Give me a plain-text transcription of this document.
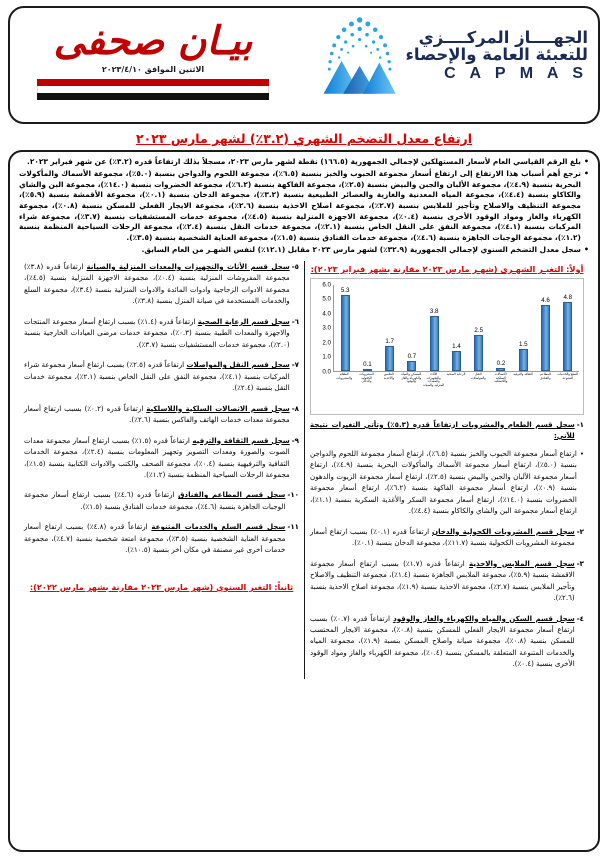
الجهــــاز المركــــزي
للتعبئة العامة والإحصاء
C A P M A S
بيـان صحفى
الاثنين الموافق ٢٠٢٣/٤/١٠
ارتفاع معدل التضخم الشهري (٣.٢٪) لشهر مارس ٢٠٢٣
•

بلغ الرقم القياسي العام لأسعار المستهلكين لإجمالي الجمهورية (١٦٦.٥) نقطة لشهر مارس ٢٠٢٣، مسجلاً بذلك ارتفاعاً قدره (٣.٢٪) عن شهر فبراير ٢٠٢٣.

•

ترجع أهم أسباب هذا الارتفاع إلى ارتفاع أسعار مجموعة الحبوب والخبز بنسبة (٦.٥٪)، مجموعة اللحوم والدواجن بنسبة (٥.٠٪)، مجموعة الأسماك والمأكولات البحرية بنسبة (٤.٩٪)، مجموعة الألبان والجبن والبيض بنسبة (٢.٥٪)، مجموعة الفاكهة بنسبة (٦.٢٪)، مجموعة الخضروات بنسبة (١٤.٠٪)، مجموعة البن والشاي والكاكاو بنسبة (٤.٤٪)، مجموعة المياه المعدنية والغازية والعصائر الطبيعية بنسبة (٣.٢٪)، مجموعة الدخان بنسبة (٠.١٪)، مجموعة الأقمشة بنسبة (٥.٩٪)، مجموعة التنظيف والاصلاح وتأجير للملابس بنسبة (٢.٧٪)، مجموعة اصلاح الاحذية بنسبة (٢.٦٪)، مجموعة الايجار الفعلي للمسكن بنسبة (٠.٨٪)، مجموعة الكهرباء والغاز ومواد الوقود الأخرى بنسبة (٠.٤٪)، مجموعة الاجهزة المنزلية بنسبة (٤.٥٪)، مجموعة خدمات المستشفيات بنسبة (٣.٧٪)، مجموعة شراء المركبات بنسبة (٤.١٪)، مجموعة النفق على النقل الخاص بنسبة (٢.١٪)، مجموعة خدمات النقل بنسبة (٢.٤٪)، مجموعة الرحلات السياحية المنظمة بنسبة (١.٢٪)، مجموعة الوجبات الجاهزة بنسبة (٤.٦٪)، مجموعة خدمات الفنادق بنسبة (١.٥٪)، مجموعة العناية الشخصية بنسبة (٣.٥٪).

•

سجل معدل التضخم السنوي لإجمالي الجمهورية (٣٢.٩٪) لشهر مارس ٢٠٢٣ مقابل (١٢.١٪) لنفس الشهـر من العام السابق.

أولاً: التغيـر الشهـرى (شهـر مارس ٢٠٢٣ مقارنة بشهر فبراير ٢٠٢٣):
0.0
1.0
2.0
3.0
4.0
5.0
6.0
5.3
0.1
1.7
0.7
3.8
1.4
2.5
0.2
1.5
4.6 4.8
الطعام والمشروبات
المشروبات الكحولية والدخان
الملابس والأحذية
المسكن والمياه والكهرباء والغاز والوقود
الأثاث والتجهيزات والمعدات المنزلية والصيانة
الرعاية الصحية	النقل والمواصلات
الاتصالات السلكية واللاسلكية
الثقافة والترفيه	المطاعم والفنادق
السلع والخدمات المتنوعة
١-

سجل قسم الطعام والمشروبات ارتفاعاً قدره (٥.٣٪) وتأتي التغيرات نتيجة للآتي:

•

ارتفاع أسعار مجموعة الحبوب والخبز بنسبة (٦.٥٪)، ارتفاع أسعار مجموعة اللحوم والدواجن بنسبة (٥.٠٪)، ارتفاع أسعار مجموعة الأسماك والمأكولات البحرية بنسبة (٤.٩٪)، ارتفاع أسعار مجموعة الألبان والجبن والبيض بنسبة (٢.٥٪)، ارتفاع أسعار مجموعة الزيوت والدهون بنسبة (٠.٩٪)، ارتفاع أسعار مجموعة الفاكهة بنسبة (٦.٢٪)، ارتفاع أسعار مجموعة الخضروات بنسبة (١٤.٠٪)، ارتفاع أسعار مجموعة السكر والأغذية السكرية بنسبة (١.١٪)، ارتفاع أسعار مجموعة البن والشاي والكاكاو بنسبة (٤.٤٪).

٢-

سجل قسم المشروبات الكحولية والدخان ارتفاعاً قدره (٠.١٪) بسبب ارتفاع أسعار مجموعة المشروبات الكحولية بنسبة (١١.٧٪)، مجموعة الدخان بنسبة (٠.١٪).

٣-

سجل قسم الملابس والاحذية ارتفاعاً قدره (١.٧٪) بسبب ارتفاع أسعار مجموعة الاقمشة بنسبة (٥.٩٪)، مجموعة الملابس الجاهزة بنسبة (١.٤٪)، مجموعة التنظيف والاصلاح وتأجير الملابس بنسبة (٢.٧٪)، مجموعة الاحذية بنسبة (١.٩٪)، مجموعة اصلاح الاحذية بنسبة (٢.٦٪).

٤-

سجل قسم السكن والمياه والكهرباء والغاز والوقود ارتفاعاً قدره (٠.٧٪) بسبب ارتفاع أسعار مجموعة الايجار الفعلي للمسكن بنسبة (٠.٨٪)، مجموعة الايجار المحتسب للمسكن بنسبة (٠.٨٪)، مجموعة صيانة واصلاح المسكن بنسبة (١.٩٪)، مجموعة المياه والخدمات المتنوعة المتعلقة بالمسكن بنسبة (٠.٤٪)، مجموعة الكهرباء والغاز ومواد الوقود الأخرى بنسبة (٠.٤٪).

٥-

سجل قسم الأثاث والتجهيزات والمعدات المنزلية والصيانة ارتفاعاً قدره (٣.٨٪) مجموعة المفروشات المنزلية بنسبة (٠.٤٪)، مجموعة الاجهزة المنزلية بنسبة (٤.٥٪)، مجموعة الادوات الزجاجية وادوات المائدة والادوات المنزلية بنسبة (٣.٤٪)، مجموعة السلع والخدمات المستخدمة في صيانة المنزل بنسبة (٣.٨٪).

٦-

سجل قسم الرعاية الصحية ارتفاعاً قدره (١.٤٪) بسبب ارتفاع أسعار مجموعة المنتجات والاجهزة والمعدات الطبية بنسبة (٠.٣٪)، مجموعة خدمات مرضى العيادات الخارجية بنسبة (٢.٠٪)، مجموعة خدمات المستشفيات بنسبة (٣.٧٪).

٧-

سجل قسم النقل والمواصلات ارتفاعاً قدره (٢.٥٪) بسبب ارتفاع أسعار مجموعة شراء المركبات بنسبة (٤.١٪)، مجموعة النفق على النقل الخاص بنسبة (٢.١٪)، مجموعة خدمات النقل بنسبة (٢.٤٪).

٨-

سجل قسم الاتصالات السلكية واللاسلكية ارتفاعاً قدره (٠.٢٪) بسبب ارتفاع أسعار مجموعة معدات خدمات الهاتف والفاكس بنسبة (٢.٦٪).

٩-

سجل قسم الثقافة والترفيه ارتفاعاً قدره (١.٥٪) بسبب ارتفاع أسعار مجموعة معدات الصوت والصورة ومعدات التصوير وتجهيز المعلومات بنسبة (٢.٤٪)، مجموعة الخدمات الثقافية والترفيهية بنسبة (٠.٤٪)، مجموعة الصحف والكتب والادوات الكتابية بنسبة (١.٥٪)، مجموعة الرحلات السياحية المنظمة بنسبة (١.٢٪).

١٠-

سجل قسم المطاعم والفنادق ارتفاعاً قدره (٤.٦٪) بسبب ارتفاع أسعار مجموعة الوجبات الجاهزة بنسبة (٤.٦٪)، مجموعة خدمات الفنادق بنسبة (١.٥٪).

١١-

سجل قسم السلع والخدمات المتنوعة ارتفاعاً قدره (٤.٨٪) بسبب ارتفاع أسعار مجموعة العناية الشخصية بنسبة (٣.٥٪)، مجموعة امتعة شخصية بنسبة (٤.٧٪)، مجموعة خدمات أخرى غير مصنفة في مكان أخر بنسبة (١٠.٥٪).

ثانياً: التغير السنوي (شهر مارس ٢٠٢٣ مقارنة بشهر مارس ٢٠٢٢):
